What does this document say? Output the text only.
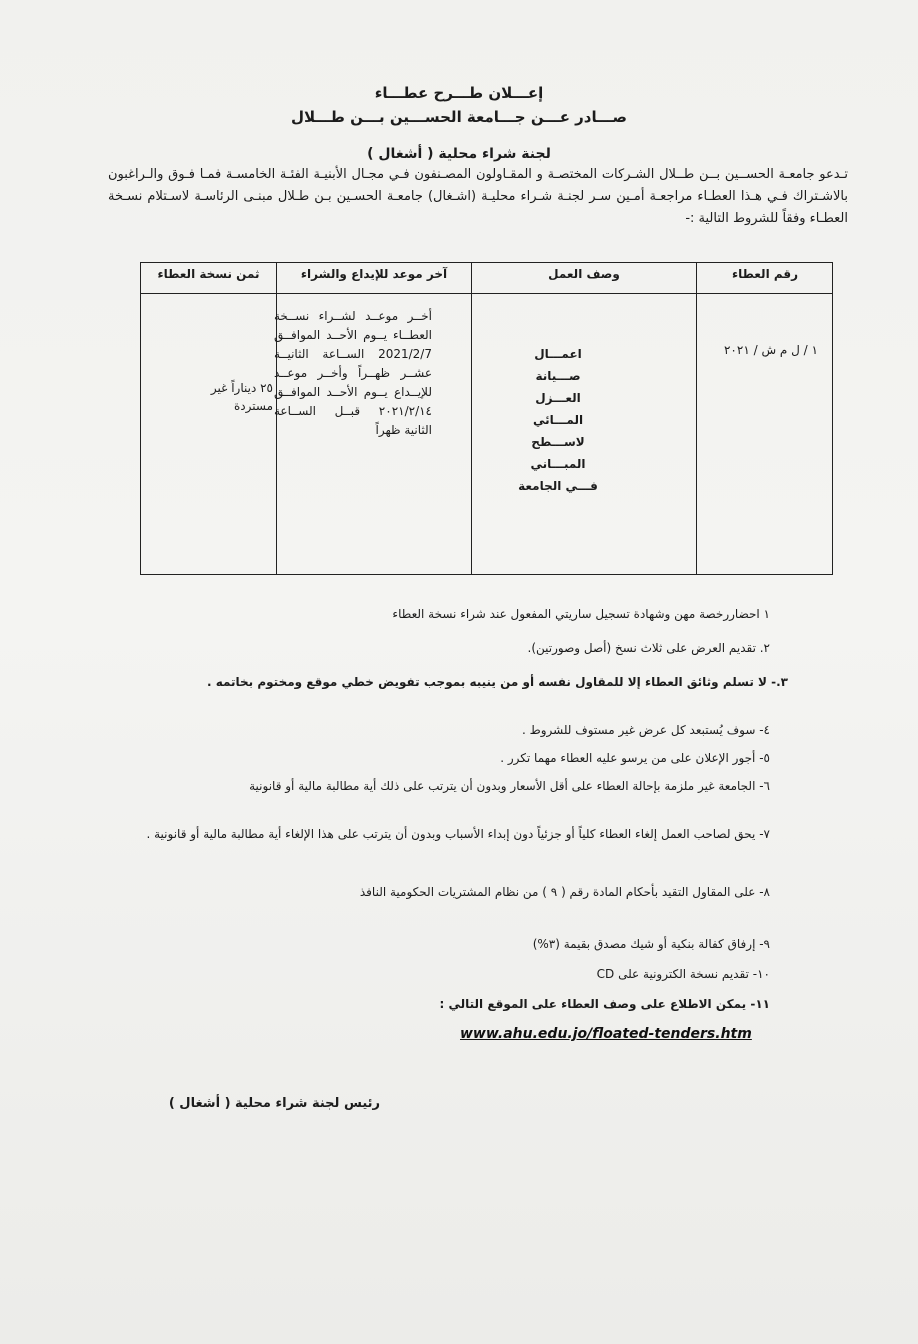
إعـــلان طـــرح عطـــاء
صـــادر عـــن جـــامعة الحســـين بـــن طـــلال
لجنة شراء محلية ( أشغال )
تـدعو جامعـة الحســين بــن طــلال الشـركات المختصـة و المقـاولون المصـنفون فـي مجـال الأبنيـة الفئـة الخامسـة فمـا فـوق والـراغبون بالاشـتراك فـي هـذا العطـاء مراجعـة أمـين سـر لجنـة شـراء محليـة (اشـغال) جامعـة الحسـين بـن طـلال مبنـى الرئاسـة لاسـتلام نسـخة العطـاء وفقاً للشروط التالية :-
رقم العطاء
وصف العمل
آخر موعد للإيداع والشراء
ثمن نسخة العطاء
١ / ل م ش / ٢٠٢١
اعمـــال صـــيانة العـــزل المـــائي لاســـطح المبـــاني فـــي الجامعة
أخــر موعــد لشــراء نســخة العطــاء يــوم الأحــد الموافــق 2021/2/7 الســاعة الثانيــة عشــر ظهــراً وأخــر موعــد للإيــداع يــوم الأحــد الموافــق ٢٠٢١/٢/١٤ قبــل الســاعة الثانية ظهراً
٢٥ ديناراً غير مستردة
١ احضاررخصة مهن وشهادة تسجيل ساريتي المفعول عند شراء نسخة العطاء
٢. تقديم العرض على ثلاث نسخ (أصل وصورتين).
٣.- لا تسلم وثائق العطاء إلا للمقاول نفسه أو من ينيبه بموجب تفويض خطي موقع ومختوم بخاتمه .
٤- سوف يُستبعد كل عرض غير مستوف للشروط .
٥- أجور الإعلان على من يرسو عليه العطاء مهما تكرر .
٦- الجامعة غير ملزمة بإحالة العطاء على أقل الأسعار وبدون أن يترتب على ذلك أية مطالبة مالية أو قانونية
٧- يحق لصاحب العمل إلغاء العطاء كلياً أو جزئياً دون إبداء الأسباب وبدون أن يترتب على هذا الإلغاء أية مطالبة مالية أو قانونية .
٨- على المقاول التقيد بأحكام المادة رقم ( ٩ ) من نظام المشتريات الحكومية النافذ
٩- إرفاق كفالة بنكية أو شيك مصدق بقيمة (٣%)
١٠- تقديم نسخة الكترونية على CD
١١- يمكن الاطلاع على وصف العطاء على الموقع التالي :
www.ahu.edu.jo/floated-tenders.htm
رئيس لجنة شراء محلية ( أشغال )
